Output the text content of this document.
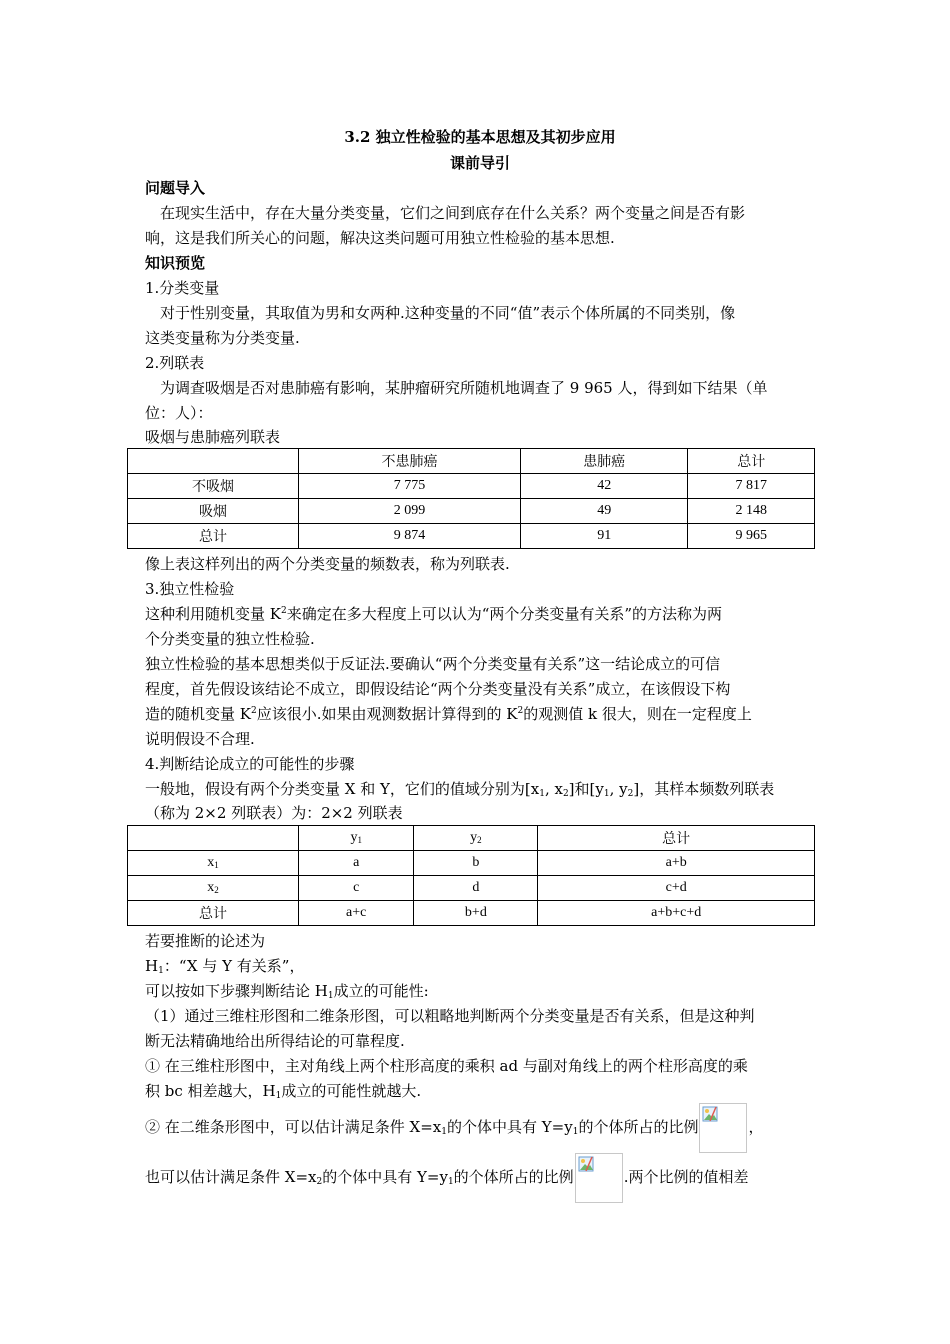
3.2 独立性检验的基本思想及其初步应用
课前导引
问题导入
在现实生活中，存在大量分类变量，它们之间到底存在什么关系？两个变量之间是否有影
响，这是我们所关心的问题，解决这类问题可用独立性检验的基本思想.
知识预览
1.分类变量
对于性别变量，其取值为男和女两种.这种变量的不同“值”表示个体所属的不同类别，像
这类变量称为分类变量.
2.列联表
为调查吸烟是否对患肺癌有影响，某肿瘤研究所随机地调查了 9 965 人，得到如下结果（单
位：人）：
吸烟与患肺癌列联表
	不患肺癌	患肺癌	总计
不吸烟	7 775	42	7 817
吸烟	2 099	49	2 148
总计	9 874	91	9 965
像上表这样列出的两个分类变量的频数表，称为列联表.
3.独立性检验
这种利用随机变量 $K^2$来确定在多大程度上可以认为“两个分类变量有关系”的方法称为两
个分类变量的独立性检验.
独立性检验的基本思想类似于反证法.要确认“两个分类变量有关系”这一结论成立的可信
程度，首先假设该结论不成立，即假设结论“两个分类变量没有关系”成立，在该假设下构
造的随机变量 $K^2$应该很小.如果由观测数据计算得到的 $K^2$的观测值 k 很大，则在一定程度上
说明假设不合理.
4.判断结论成立的可能性的步骤
一般地，假设有两个分类变量 X 和 Y，它们的值域分别为[$x_1$, $x_2$]和[$y_1$, $y_2$]，其样本频数列联表
（称为 2×2 列联表）为：2×2 列联表
	$y_1$	$y_2$	总计
$x_1$	a	b	a+b
$x_2$	c	d	c+d
总计	a+c	b+d	a+b+c+d
若要推断的论述为
$H_1$：“X 与 Y 有关系”，
可以按如下步骤判断结论 $H_1$成立的可能性:
（1）通过三维柱形图和二维条形图，可以粗略地判断两个分类变量是否有关系，但是这种判
断无法精确地给出所得结论的可靠程度.
① 在三维柱形图中，主对角线上两个柱形高度的乘积 ad 与副对角线上的两个柱形高度的乘
积 bc 相差越大，$H_1$成立的可能性就越大.
② 在二维条形图中，可以估计满足条件 $X=x_1$的个体中具有 $Y=y_1$的个体所占的比例	，
也可以估计满足条件 $X=x_2$的个体中具有 $Y=y_1$的个体所占的比例	.两个比例的值相差
